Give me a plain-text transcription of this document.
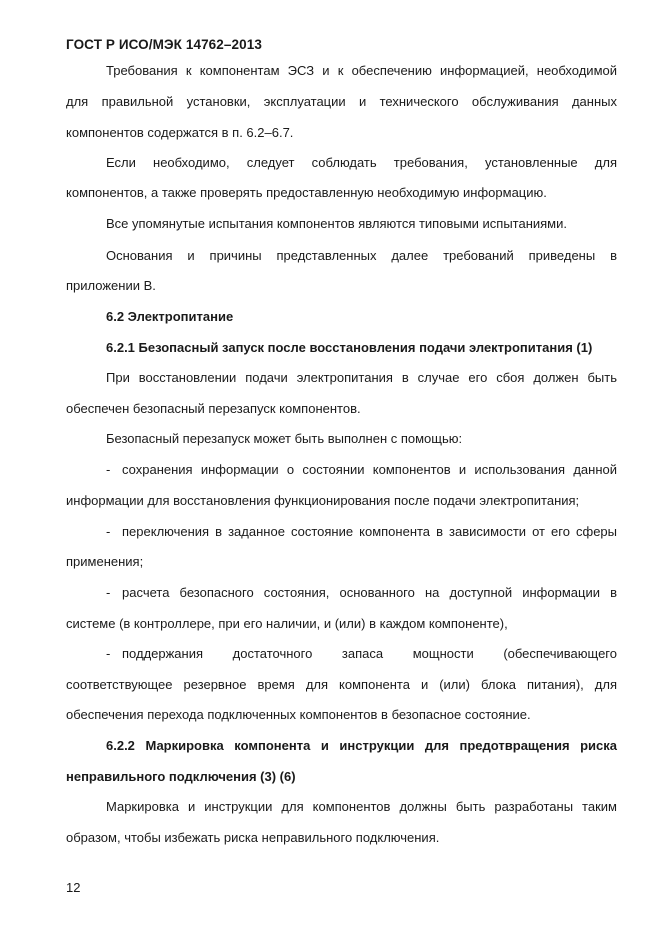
ГОСТ Р ИСО/МЭК 14762–2013
Требования к компонентам ЭСЗ и к обеспечению информацией, необходимой
для правильной установки, эксплуатации и технического обслуживания данных
компонентов содержатся в п. 6.2–6.7.
Если необходимо, следует соблюдать требования, установленные для
компонентов, а также проверять предоставленную необходимую информацию.
Все упомянутые испытания компонентов являются типовыми испытаниями.
Основания и причины представленных далее требований приведены в
приложении В.
6.2 Электропитание
6.2.1 Безопасный запуск после восстановления подачи электропитания (1)
При восстановлении подачи электропитания в случае его сбоя должен быть
обеспечен безопасный перезапуск компонентов.
Безопасный перезапуск может быть выполнен с помощью:
- сохранения информации о состоянии компонентов и использования данной
информации для восстановления функционирования после подачи электропитания;
- переключения в заданное состояние компонента в зависимости от его сферы
применения;
- расчета безопасного состояния, основанного на доступной информации в
системе (в контроллере, при его наличии, и (или) в каждом компоненте),
- поддержания достаточного запаса мощности (обеспечивающего
соответствующее резервное время для компонента и (или) блока питания), для
обеспечения перехода подключенных компонентов в безопасное состояние.
6.2.2 Маркировка компонента и инструкции для предотвращения риска
неправильного подключения (3) (6)
Маркировка и инструкции для компонентов должны быть разработаны таким
образом, чтобы избежать риска неправильного подключения.
12
